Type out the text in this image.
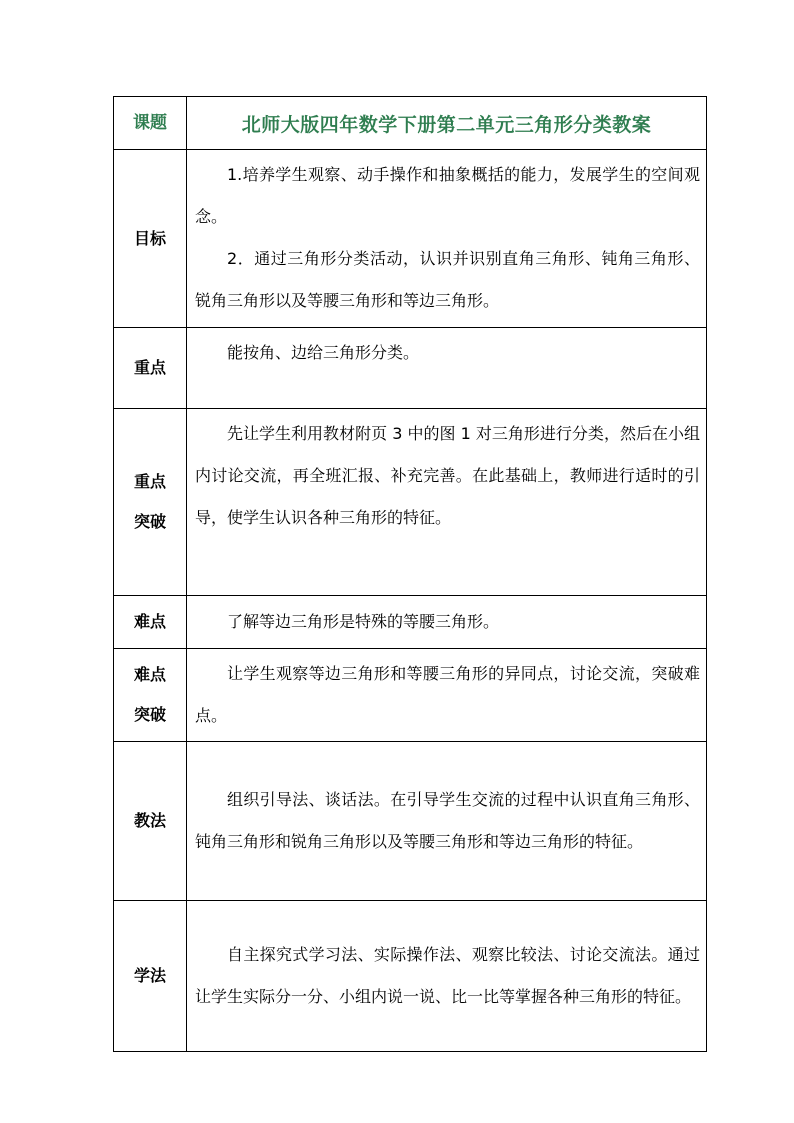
课题	北师大版四年数学下册第二单元三角形分类教案

目标	1.培养学生观察、动手操作和抽象概括的能力，发展学生的空间观念。

2．通过三角形分类活动，认识并识别直角三角形、钝角三角形、锐角三角形以及等腰三角形和等边三角形。

重点	能按角、边给三角形分类。

重点
突破	先让学生利用教材附页 3 中的图 1 对三角形进行分类，然后在小组内讨论交流，再全班汇报、补充完善。在此基础上，教师进行适时的引导，使学生认识各种三角形的特征。

难点	了解等边三角形是特殊的等腰三角形。

难点
突破	让学生观察等边三角形和等腰三角形的异同点，讨论交流，突破难点。

教法	组织引导法、谈话法。在引导学生交流的过程中认识直角三角形、钝角三角形和锐角三角形以及等腰三角形和等边三角形的特征。

学法	自主探究式学习法、实际操作法、观察比较法、讨论交流法。通过让学生实际分一分、小组内说一说、比一比等掌握各种三角形的特征。
